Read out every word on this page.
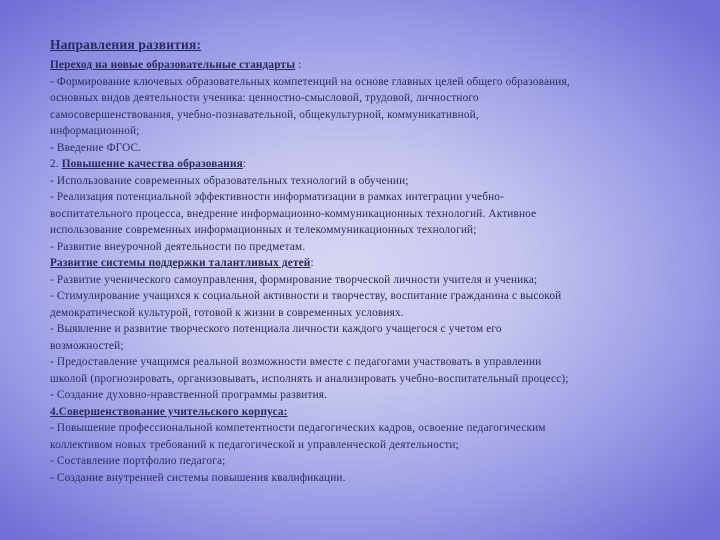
Направления развития:
Переход на новые образовательные стандарты :
- Формирование ключевых образовательных компетенций на основе главных целей общего образования,
основных видов деятельности ученика: ценностно-смысловой, трудовой, личностного
самосовершенствования, учебно-познавательной, общекультурной, коммуникативной,
информационной;
- Введение ФГОС.
2. Повышение качества образования:
- Использование современных образовательных технологий в обучении;
- Реализация потенциальной эффективности информатизации в рамках интеграции учебно-
воспитательного процесса, внедрение информационно-коммуникационных технологий. Активное
использование современных информационных и телекоммуникационных технологий;
- Развитие внеурочной деятельности по предметам.
Развитие системы поддержки талантливых детей:
- Развитие ученического самоуправления, формирование творческой личности учителя и ученика;
- Стимулирование учащихся к социальной активности и творчеству, воспитание гражданина с высокой
демократической культурой, готовой к жизни в современных условиях.
- Выявление и развитие творческого потенциала личности каждого учащегося с учетом его
возможностей;
- Предоставление учащимся реальной возможности вместе с педагогами участвовать в управлении
школой (прогнозировать, организовывать, исполнять и анализировать учебно-воспитательный процесс);
- Создание духовно-нравственной программы развития.
4.Совершенствование учительского корпуса:
- Повышение профессиональной компетентности педагогических кадров, освоение педагогическим
коллективом новых требований к педагогической и управленческой деятельности;
- Составление портфолио педагога;
- Создание внутренней системы повышения квалификации.
